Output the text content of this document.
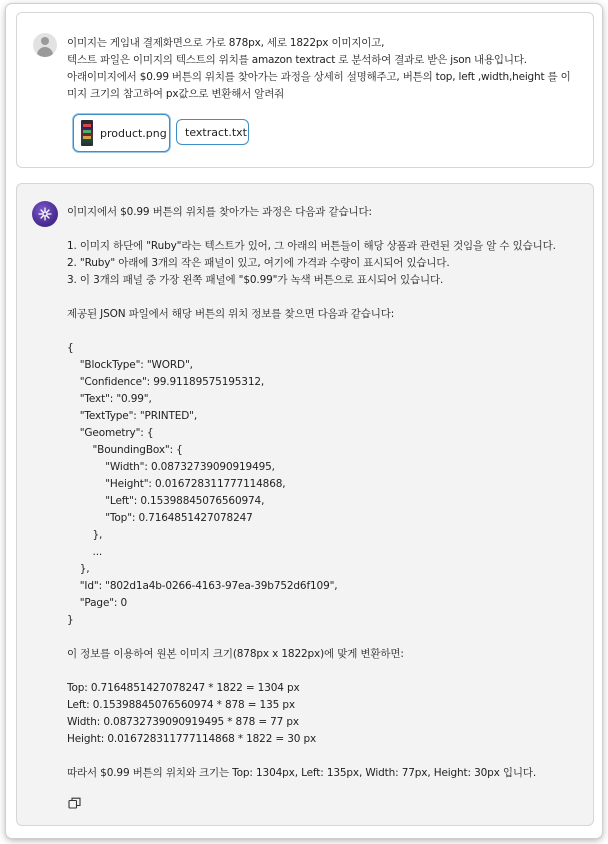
이미지는 게임내 결제화면으로 가로 878px, 세로 1822px 이미지이고,

텍스트 파일은 이미지의 텍스트의 위치를 amazon textract 로 분석하여 결과로 받은 json 내용입니다.

아래이미지에서 $0.99 버튼의 위치를 찾아가는 과정을 상세히 설명해주고, 버튼의 top, left ,width,height 를 이

미지 크기의 참고하여 px값으로 변환해서 알려줘

product.png textract.txt
이미지에서 $0.99 버튼의 위치를 찾아가는 과정은 다음과 같습니다:
1. 이미지 하단에 "Ruby"라는 텍스트가 있어, 그 아래의 버튼들이 해당 상품과 관련된 것임을 알 수 있습니다.
2. "Ruby" 아래에 3개의 작은 패널이 있고, 여기에 가격과 수량이 표시되어 있습니다.
3. 이 3개의 패널 중 가장 왼쪽 패널에 "$0.99"가 녹색 버튼으로 표시되어 있습니다.
제공된 JSON 파일에서 해당 버튼의 위치 정보를 찾으면 다음과 같습니다:
{
"BlockType": "WORD",
"Confidence": 99.91189575195312,
"Text": "0.99",
"TextType": "PRINTED",
"Geometry": {
"BoundingBox": {
"Width": 0.08732739090919495,
"Height": 0.016728311777114868,
"Left": 0.15398845076560974,
"Top": 0.7164851427078247
},
...
},
"Id": "802d1a4b-0266-4163-97ea-39b752d6f109",
"Page": 0
}
이 정보를 이용하여 원본 이미지 크기(878px x 1822px)에 맞게 변환하면:
Top: 0.7164851427078247 * 1822 = 1304 px
Left: 0.15398845076560974 * 878 = 135 px
Width: 0.08732739090919495 * 878 = 77 px
Height: 0.016728311777114868 * 1822 = 30 px
따라서 $0.99 버튼의 위치와 크기는 Top: 1304px, Left: 135px, Width: 77px, Height: 30px 입니다.
